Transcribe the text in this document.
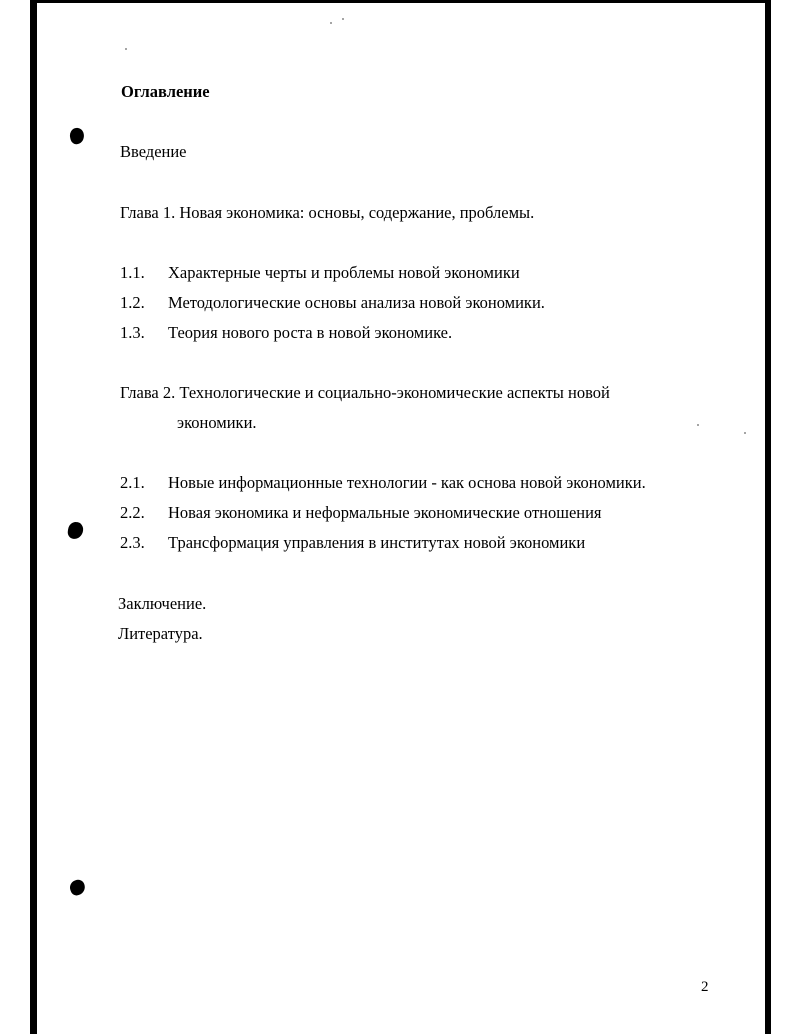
Оглавление
Введение
Глава 1. Новая экономика: основы, содержание, проблемы.
1.1. Характерные черты и проблемы новой экономики
1.2. Методологические основы анализа новой экономики.
1.3. Теория нового роста в новой экономике.
Глава 2. Технологические и социально-экономические аспекты новой
экономики.
2.1. Новые информационные технологии - как основа новой экономики.
2.2. Новая экономика и неформальные экономические отношения
2.3. Трансформация управления в институтах новой экономики
Заключение.
Литература.
2
